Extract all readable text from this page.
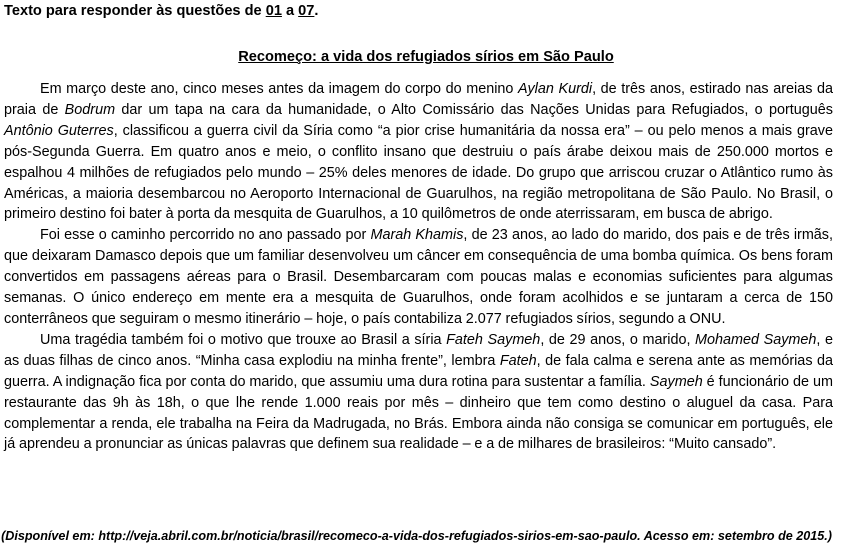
Texto para responder às questões de 01 a 07.

Recomeço: a vida dos refugiados sírios em São Paulo

Em março deste ano, cinco meses antes da imagem do corpo do menino Aylan Kurdi, de três anos, estirado nas areias da praia de Bodrum dar um tapa na cara da humanidade, o Alto Comissário das Nações Unidas para Refugiados, o português Antônio Guterres, classificou a guerra civil da Síria como “a pior crise humanitária da nossa era” – ou pelo menos a mais grave pós-Segunda Guerra. Em quatro anos e meio, o conflito insano que destruiu o país árabe deixou mais de 250.000 mortos e espalhou 4 milhões de refugiados pelo mundo – 25% deles menores de idade. Do grupo que arriscou cruzar o Atlântico rumo às Américas, a maioria desembarcou no Aeroporto Internacional de Guarulhos, na região metropolitana de São Paulo. No Brasil, o primeiro destino foi bater à porta da mesquita de Guarulhos, a 10 quilômetros de onde aterrissaram, em busca de abrigo.

Foi esse o caminho percorrido no ano passado por Marah Khamis, de 23 anos, ao lado do marido, dos pais e de três irmãs, que deixaram Damasco depois que um familiar desenvolveu um câncer em consequência de uma bomba química. Os bens foram convertidos em passagens aéreas para o Brasil. Desembarcaram com poucas malas e economias suficientes para algumas semanas. O único endereço em mente era a mesquita de Guarulhos, onde foram acolhidos e se juntaram a cerca de 150 conterrâneos que seguiram o mesmo itinerário – hoje, o país contabiliza 2.077 refugiados sírios, segundo a ONU.

Uma tragédia também foi o motivo que trouxe ao Brasil a síria Fateh Saymeh, de 29 anos, o marido, Mohamed Saymeh, e as duas filhas de cinco anos. “Minha casa explodiu na minha frente”, lembra Fateh, de fala calma e serena ante as memórias da guerra. A indignação fica por conta do marido, que assumiu uma dura rotina para sustentar a família. Saymeh é funcionário de um restaurante das 9h às 18h, o que lhe rende 1.000 reais por mês – dinheiro que tem como destino o aluguel da casa. Para complementar a renda, ele trabalha na Feira da Madrugada, no Brás. Embora ainda não consiga se comunicar em português, ele já aprendeu a pronunciar as únicas palavras que definem sua realidade – e a de milhares de brasileiros: “Muito cansado”.

(Disponível em: http://veja.abril.com.br/noticia/brasil/recomeco-a-vida-dos-refugiados-sirios-em-sao-paulo. Acesso em: setembro de 2015.)
